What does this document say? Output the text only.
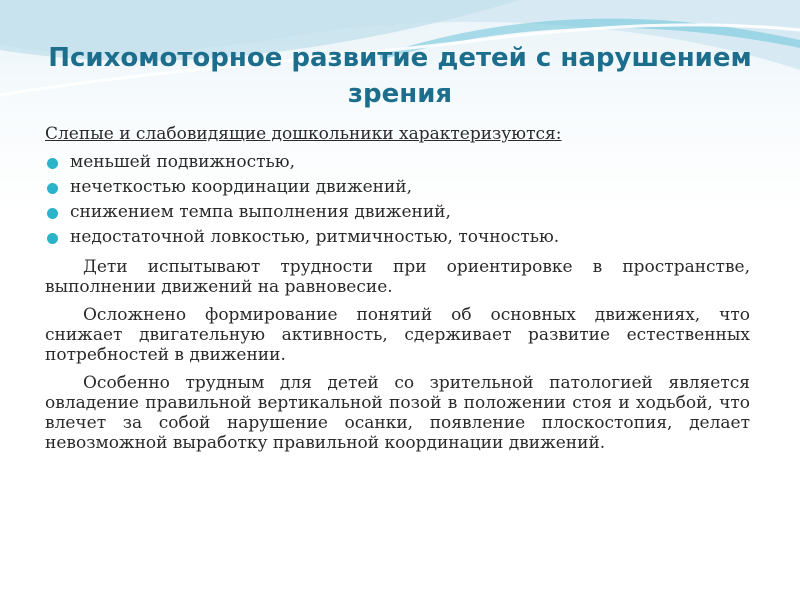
Психомоторное развитие детей с нарушением зрения

Слепые и слабовидящие дошкольники характеризуются:

меньшей подвижностью,
нечеткостью координации движений,
снижением темпа выполнения движений,
недостаточной ловкостью, ритмичностью, точностью.

Дети испытывают трудности при ориентировке в пространстве, выполнении движений на равновесие.

Осложнено формирование понятий об основных движениях, что снижает двигательную активность, сдерживает развитие естественных потребностей в движении.

Особенно трудным для детей со зрительной патологией является овладение правильной вертикальной позой в положении стоя и ходьбой, что влечет за собой нарушение осанки, появление плоскостопия, делает невозможной выработку правильной координации движений.
